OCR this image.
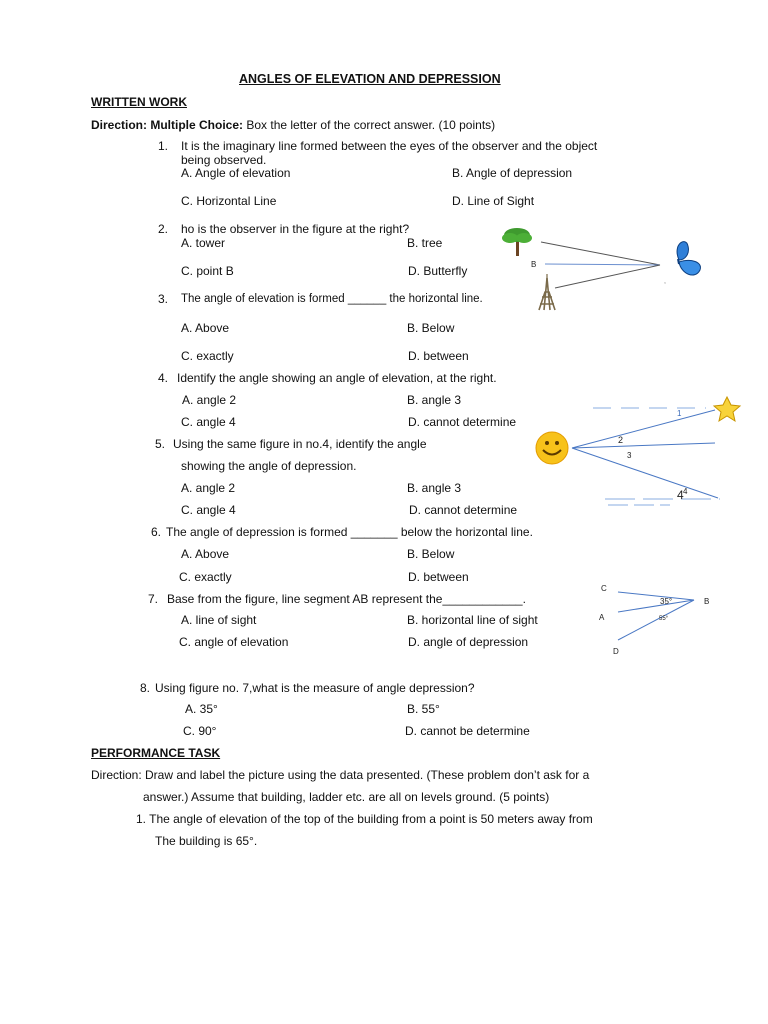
ANGLES OF ELEVATION AND DEPRESSION
WRITTEN WORK
Direction: Multiple Choice: Box the letter of the correct answer. (10 points)
1. It is the imaginary line formed between the eyes of the observer and the object
being observed.
A. Angle of elevation	B. Angle of depression
C. Horizontal Line	D. Line of Sight
2. ho is the observer in the figure at the right?
A. tower	B. tree
C. point B	D. Butterfly
3. The angle of elevation is formed ______ the horizontal line.
A. Above	B. Below
C. exactly	D. between
4. Identify the angle showing an angle of elevation, at the right.
A. angle 2	B. angle 3
C. angle 4	D. cannot determine
5. Using the same figure in no.4, identify the angle
showing the angle of depression.
A. angle 2	B. angle 3
C. angle 4	D. cannot determine
6. The angle of depression is formed _______ below the horizontal line.
A. Above	B. Below
C. exactly	D. between
7. Base from the figure, line segment AB represent the____________.
A. line of sight	B. horizontal line of sight
C. angle of elevation	D. angle of depression
8. Using figure no. 7,what is the measure of angle depression?
A. 35°	B. 55°
C. 90°	D. cannot be determine
PERFORMANCE TASK
Direction: Draw and label the picture using the data presented. (These problem don’t ask for a
answer.) Assume that building, ladder etc. are all on levels ground. (5 points)
1. The angle of elevation of the top of the building from a point is 50 meters away from
The building is 65°.
B
,
1
2
3
4
4
C
A
D
B
35°
55°
